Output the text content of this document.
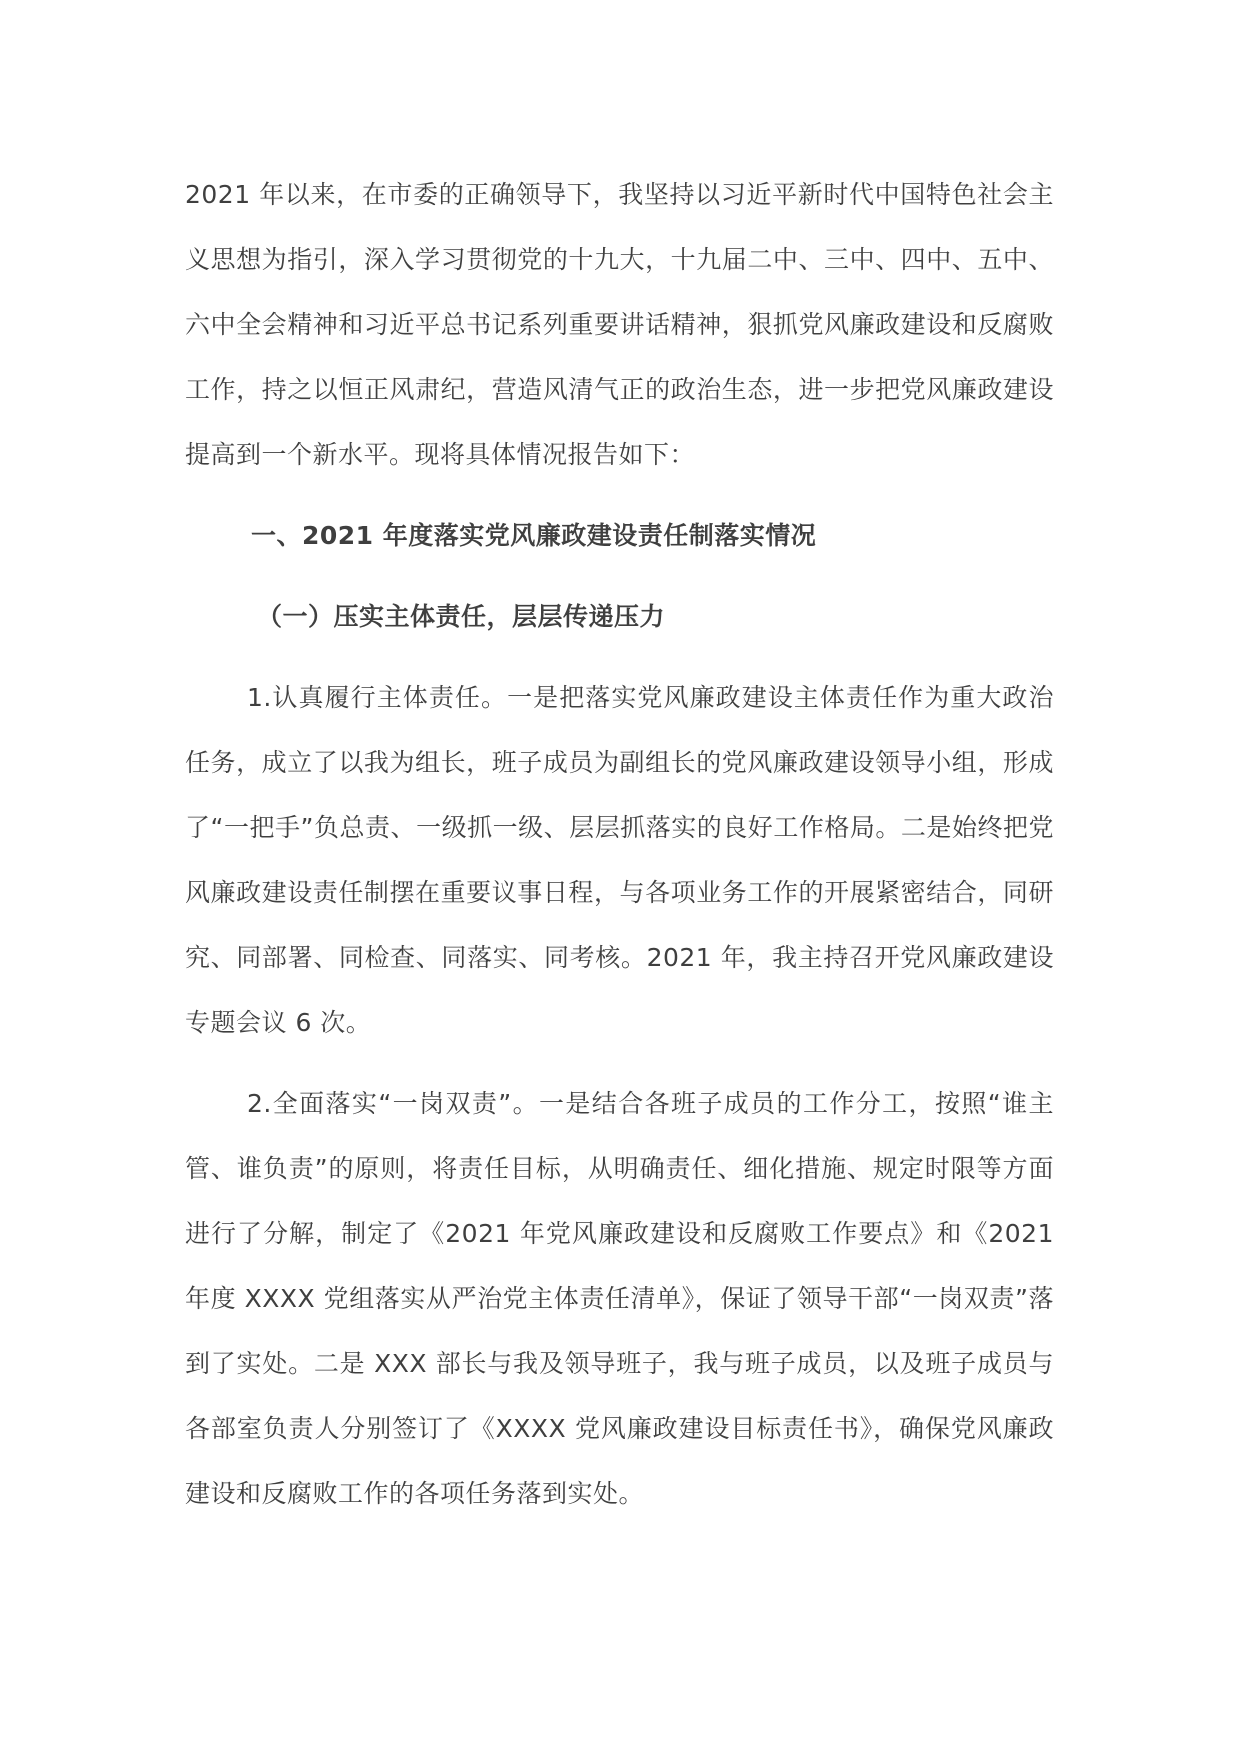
2021 年以来，在市委的正确领导下，我坚持以习近平新时代中国特色社会主义思想为指引，深入学习贯彻党的十九大，十九届二中、三中、四中、五中、六中全会精神和习近平总书记系列重要讲话精神，狠抓党风廉政建设和反腐败工作，持之以恒正风肃纪，营造风清气正的政治生态，进一步把党风廉政建设提高到一个新水平。现将具体情况报告如下：

一、2021 年度落实党风廉政建设责任制落实情况

（一）压实主体责任，层层传递压力

1.认真履行主体责任。一是把落实党风廉政建设主体责任作为重大政治任务，成立了以我为组长，班子成员为副组长的党风廉政建设领导小组，形成了“一把手”负总责、一级抓一级、层层抓落实的良好工作格局。二是始终把党风廉政建设责任制摆在重要议事日程，与各项业务工作的开展紧密结合，同研究、同部署、同检查、同落实、同考核。2021 年，我主持召开党风廉政建设专题会议 6 次。

2.全面落实“一岗双责”。一是结合各班子成员的工作分工，按照“谁主管、谁负责”的原则，将责任目标，从明确责任、细化措施、规定时限等方面进行了分解，制定了《2021 年党风廉政建设和反腐败工作要点》和《2021 年度 XXXX 党组落实从严治党主体责任清单》，保证了领导干部“一岗双责”落到了实处。二是 XXX 部长与我及领导班子，我与班子成员，以及班子成员与各部室负责人分别签订了《XXXX 党风廉政建设目标责任书》，确保党风廉政建设和反腐败工作的各项任务落到实处。
